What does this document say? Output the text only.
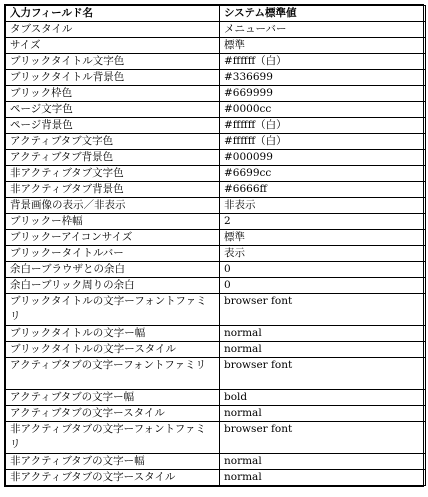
入力フィールド名	システム標準値
タブスタイル	メニューバー
サイズ	標準
ブリックタイトル文字色	#ffffff（白）
ブリックタイトル背景色	#336699
ブリック枠色	#669999
ページ文字色	#0000cc
ページ背景色	#ffffff（白）
アクティブタブ文字色	#ffffff（白）
アクティブタブ背景色	#000099
非アクティブタブ文字色	#6699cc
非アクティブタブ背景色	#6666ff
背景画像の表示／非表示	非表示
ブリックー枠幅	2
ブリックーアイコンサイズ	標準
ブリックータイトルバー	表示
余白ーブラウザとの余白	0
余白ーブリック周りの余白	0
ブリックタイトルの文字ーフォントファミリ	browser font
ブリックタイトルの文字ー幅	normal
ブリックタイトルの文字ースタイル	normal
アクティブタブの文字ーフォントファミリ	browser font
アクティブタブの文字ー幅	bold
アクティブタブの文字ースタイル	normal
非アクティブタブの文字ーフォントファミリ	browser font
非アクティブタブの文字ー幅	normal
非アクティブタブの文字ースタイル	normal
